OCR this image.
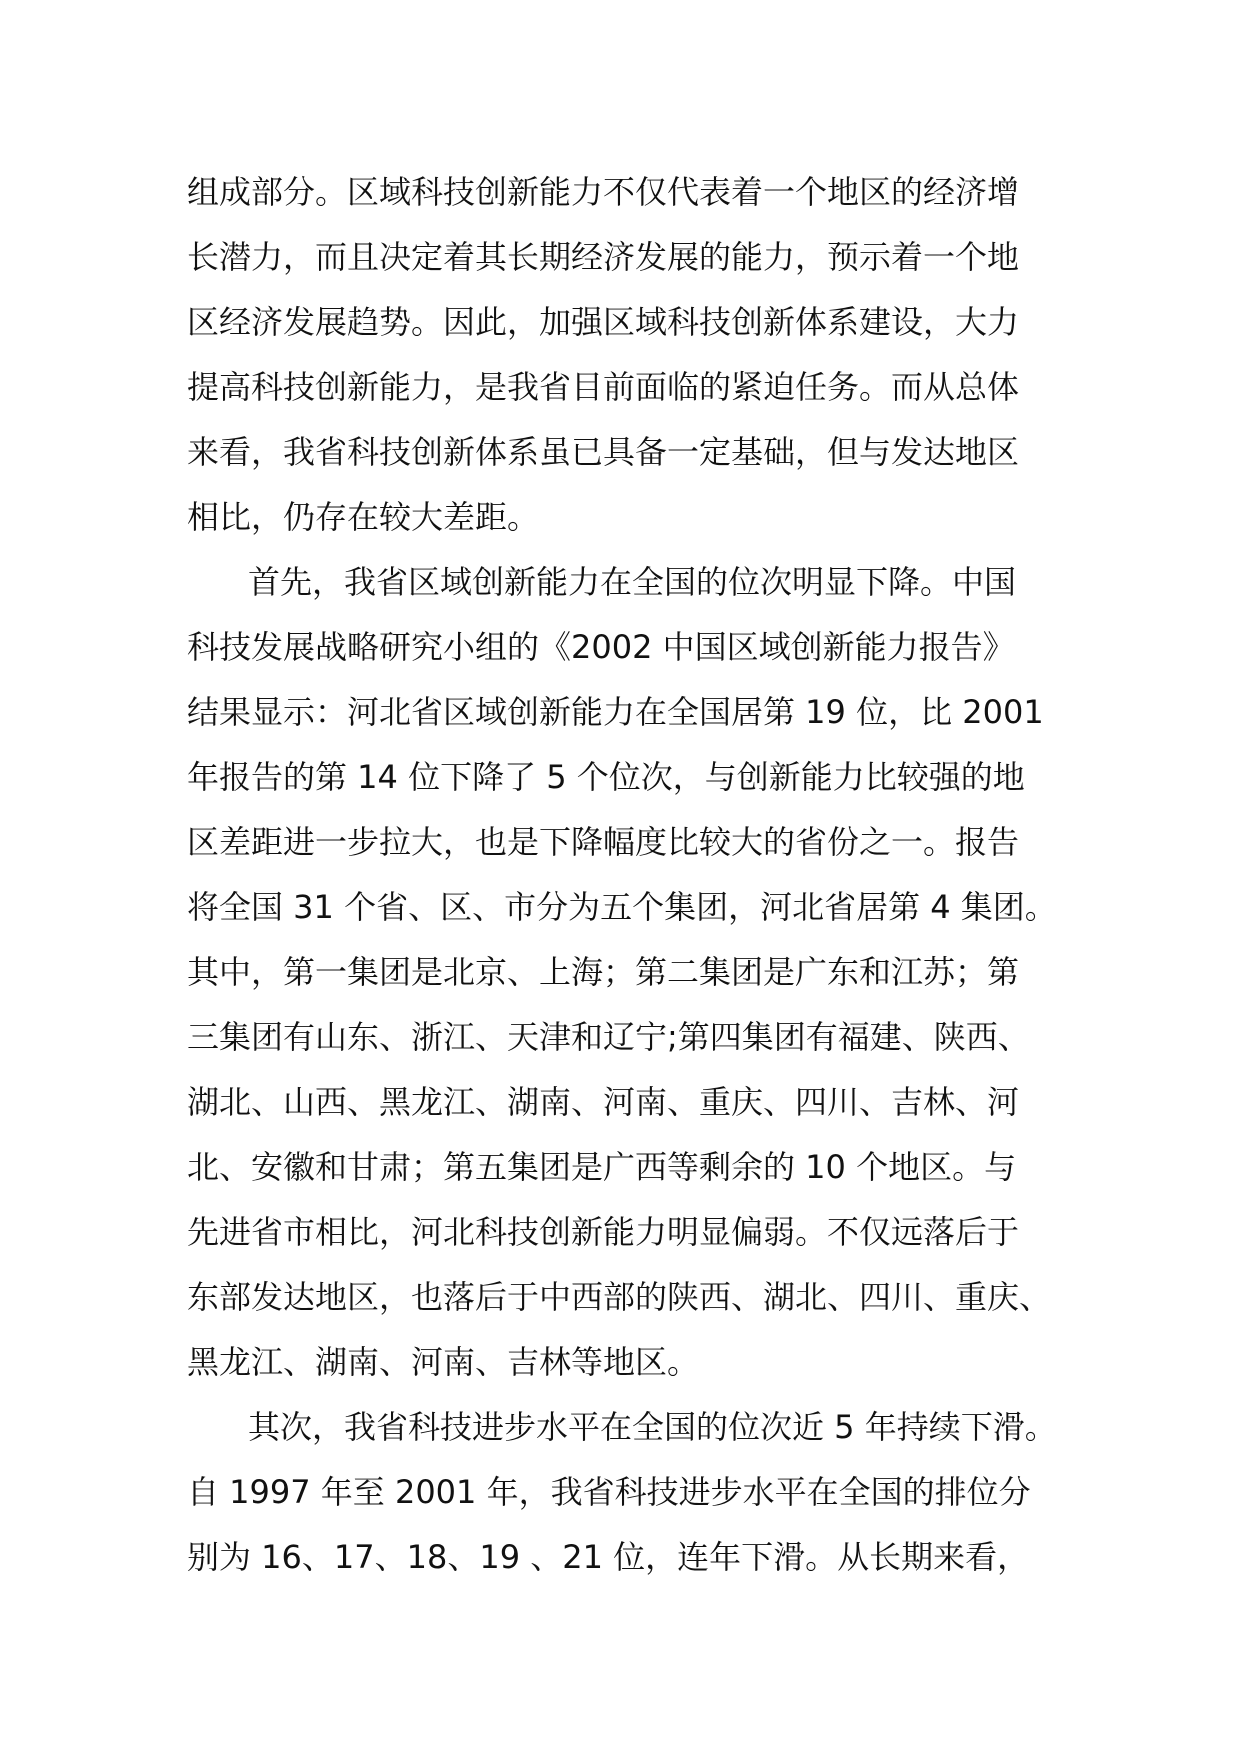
组成部分。区域科技创新能力不仅代表着一个地区的经济增
长潜力，而且决定着其长期经济发展的能力，预示着一个地
区经济发展趋势。因此，加强区域科技创新体系建设，大力
提高科技创新能力，是我省目前面临的紧迫任务。而从总体
来看，我省科技创新体系虽已具备一定基础，但与发达地区
相比，仍存在较大差距。
首先，我省区域创新能力在全国的位次明显下降。中国
科技发展战略研究小组的《2002 中国区域创新能力报告》
结果显示：河北省区域创新能力在全国居第 19 位，比 2001
年报告的第 14 位下降了 5 个位次，与创新能力比较强的地
区差距进一步拉大，也是下降幅度比较大的省份之一。报告
将全国 31 个省、区、市分为五个集团，河北省居第 4 集团。
其中，第一集团是北京、上海；第二集团是广东和江苏；第
三集团有山东、浙江、天津和辽宁;第四集团有福建、陕西、
湖北、山西、黑龙江、湖南、河南、重庆、四川、吉林、河
北、安徽和甘肃；第五集团是广西等剩余的 10 个地区。与
先进省市相比，河北科技创新能力明显偏弱。不仅远落后于
东部发达地区，也落后于中西部的陕西、湖北、四川、重庆、
黑龙江、湖南、河南、吉林等地区。
其次，我省科技进步水平在全国的位次近 5 年持续下滑。
自 1997 年至 2001 年，我省科技进步水平在全国的排位分
别为 16、17、18、19 、21 位，连年下滑。从长期来看，
